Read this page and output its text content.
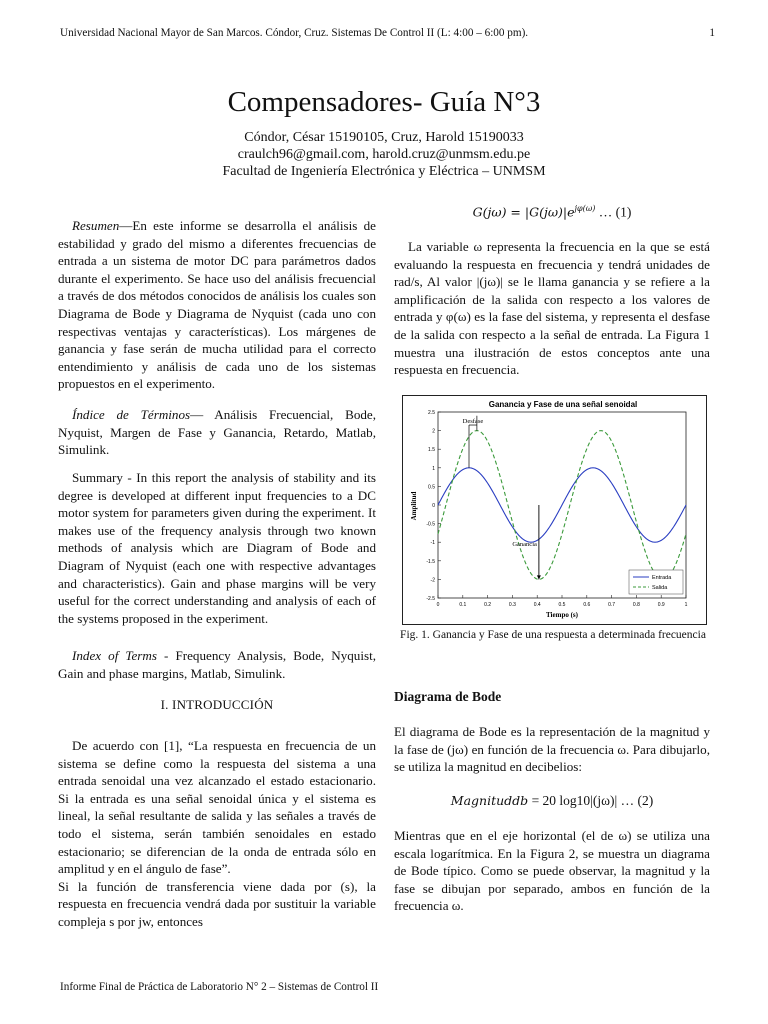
Universidad Nacional Mayor de San Marcos. Cóndor, Cruz. Sistemas De Control II (L: 4:00 – 6:00 pm).	1
Compensadores- Guía N°3
Cóndor, César 15190105, Cruz, Harold 15190033
craulch96@gmail.com, harold.cruz@unmsm.edu.pe
Facultad de Ingeniería Electrónica y Eléctrica – UNMSM

Resumen—En este informe se desarrolla el análisis de estabilidad y grado del mismo a diferentes frecuencias de entrada a un sistema de motor DC para parámetros dados durante el experimento. Se hace uso del análisis frecuencial a través de dos métodos conocidos de análisis los cuales son Diagrama de Bode y Diagrama de Nyquist (cada uno con respectivas ventajas y características). Los márgenes de ganancia y fase serán de mucha utilidad para el correcto entendimiento y análisis de cada uno de los sistemas propuestos en el experimento.

Índice de Términos— Análisis Frecuencial, Bode, Nyquist, Margen de Fase y Ganancia, Retardo, Matlab, Simulink.

Summary - In this report the analysis of stability and its degree is developed at different input frequencies to a DC motor system for parameters given during the experiment. It makes use of the frequency analysis through two known methods of analysis which are Diagram of Bode and Diagram of Nyquist (each one with respective advantages and characteristics). Gain and phase margins will be very useful for the correct understanding and analysis of each of the systems proposed in the experiment.

Index of Terms - Frequency Analysis, Bode, Nyquist, Gain and phase margins, Matlab, Simulink.

I. INTRODUCCIÓN

De acuerdo con [1], “La respuesta en frecuencia de un sistema se define como la respuesta del sistema a una entrada senoidal una vez alcanzado el estado estacionario. Si la entrada es una señal senoidal única y el sistema es lineal, la señal resultante de salida y las señales a través de todo el sistema, serán también senoidales en estado estacionario; se diferencian de la onda de entrada sólo en amplitud y en el ángulo de fase”.

Si la función de transferencia viene dada por (s), la respuesta en frecuencia vendrá dada por sustituir la variable compleja s por jw, entonces

$G(j\omega) = |G(j\omega)|e^{j\varphi(\omega)}$ … (1)

La variable ω representa la frecuencia en la que se está evaluando la respuesta en frecuencia y tendrá unidades de rad/s, Al valor |(jω)| se le llama ganancia y se refiere a la amplificación de la salida con respecto a los valores de entrada y φ(ω) es la fase del sistema, y representa el desfase de la salida con respecto a la señal de entrada. La Figura 1 muestra una ilustración de estos conceptos ante una respuesta en frecuencia.

Ganancia y Fase de una señal senoidal
0	0.1	0.2	0.3	0.4	0.5	0.6	0.7	0.8	0.9	1
2.5
2
1.5
1
0.5
0
-0.5
-1
-1.5
-2
-2.5
Desfase
Ganancia
Tiempo (s)
Amplitud
Entrada
Salida
Fig. 1. Ganancia y Fase de una respuesta a determinada frecuencia
Diagrama de Bode

El diagrama de Bode es la representación de la magnitud y la fase de (jω) en función de la frecuencia ω. Para dibujarlo, se utiliza la magnitud en decibelios:

Magnituddb = 20 log10|(jω)| … (2)

Mientras que en el eje horizontal (el de ω) se utiliza una escala logarítmica. En la Figura 2, se muestra un diagrama de Bode típico. Como se puede observar, la magnitud y la fase se dibujan por separado, ambos en función de la frecuencia ω.

Informe Final de Práctica de Laboratorio N° 2 – Sistemas de Control II
